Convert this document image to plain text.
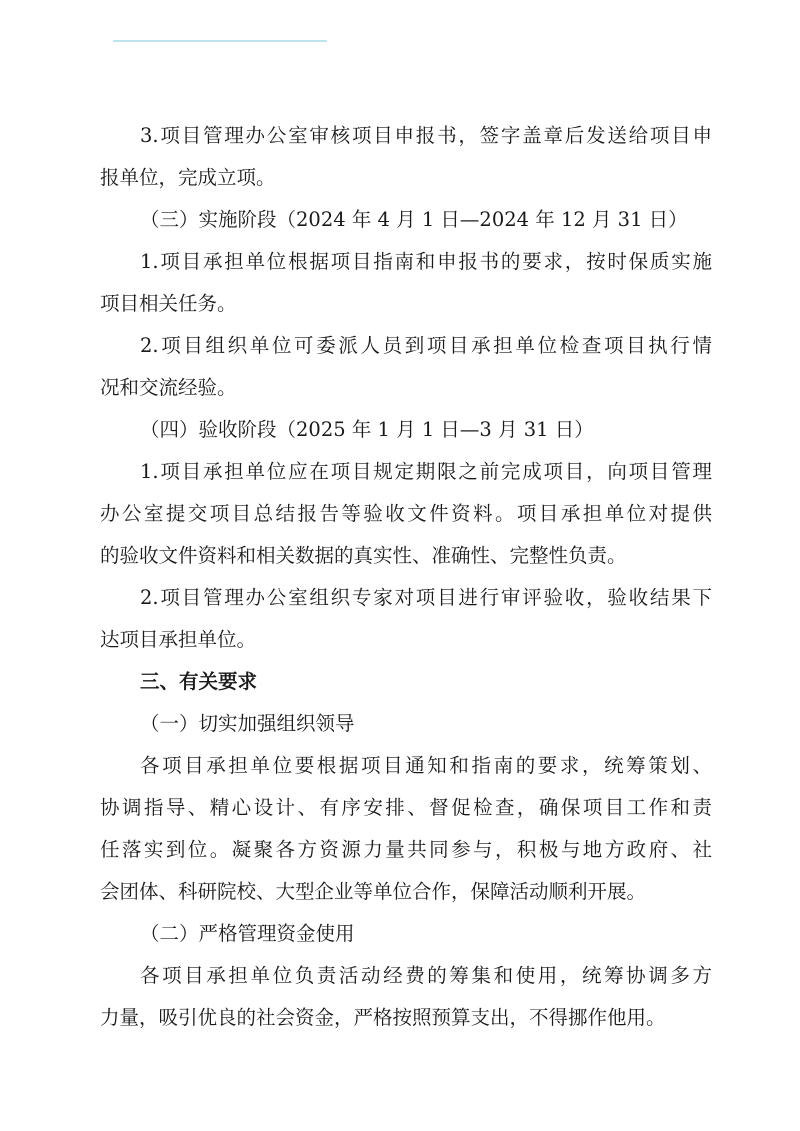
3.项目管理办公室审核项目申报书，签字盖章后发送给项目申
报单位，完成立项。
（三）实施阶段（2024 年 4 月 1 日—2024 年 12 月 31 日）
1.项目承担单位根据项目指南和申报书的要求，按时保质实施
项目相关任务。
2.项目组织单位可委派人员到项目承担单位检查项目执行情
况和交流经验。
（四）验收阶段（2025 年 1 月 1 日—3 月 31 日）
1.项目承担单位应在项目规定期限之前完成项目，向项目管理
办公室提交项目总结报告等验收文件资料。项目承担单位对提供
的验收文件资料和相关数据的真实性、准确性、完整性负责。
2.项目管理办公室组织专家对项目进行审评验收，验收结果下
达项目承担单位。
三、有关要求
（一）切实加强组织领导
各项目承担单位要根据项目通知和指南的要求，统筹策划、
协调指导、精心设计、有序安排、督促检查，确保项目工作和责
任落实到位。凝聚各方资源力量共同参与，积极与地方政府、社
会团体、科研院校、大型企业等单位合作，保障活动顺利开展。
（二）严格管理资金使用
各项目承担单位负责活动经费的筹集和使用，统筹协调多方
力量，吸引优良的社会资金，严格按照预算支出，不得挪作他用。
